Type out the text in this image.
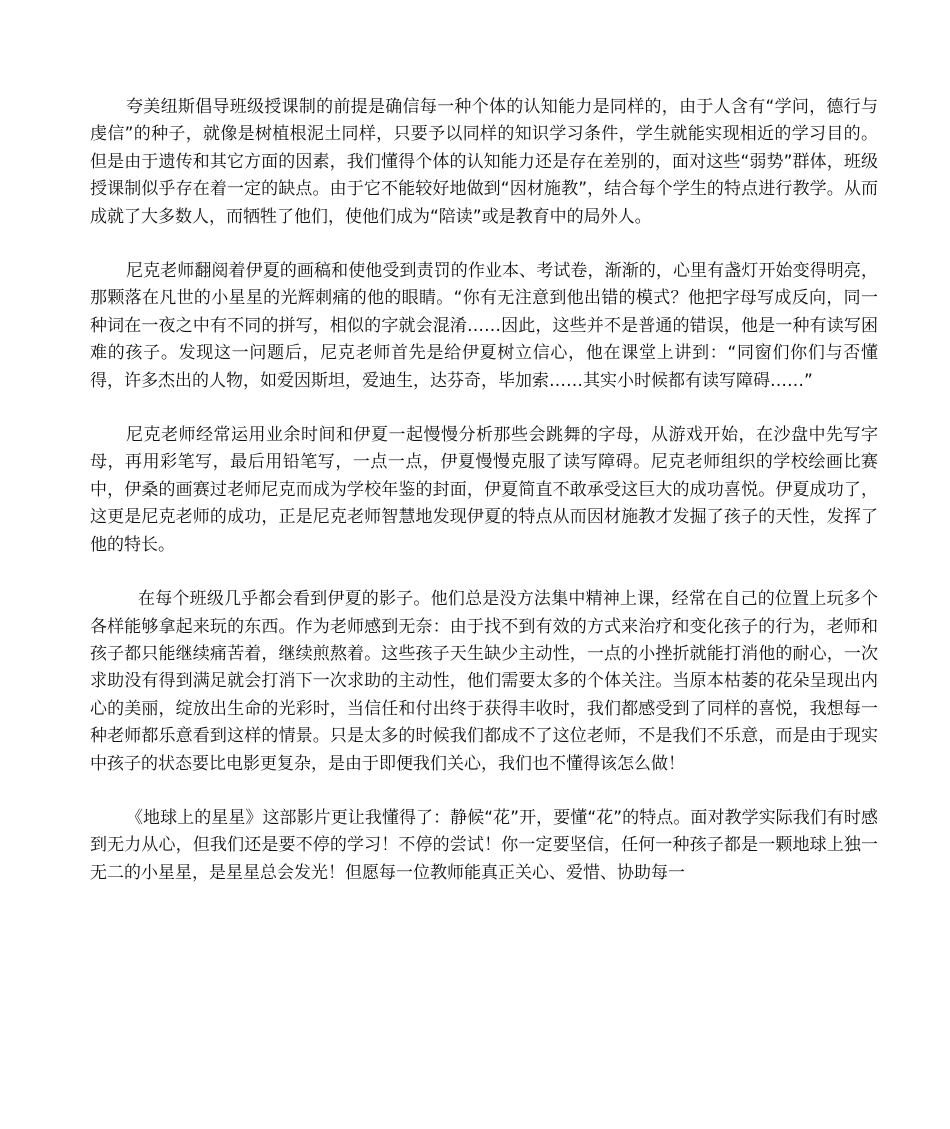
夸美纽斯倡导班级授课制的前提是确信每一种个体的认知能力是同样的，由于人含有“学问，德行与虔信”的种子，就像是树植根泥土同样，只要予以同样的知识学习条件，学生就能实现相近的学习目的。但是由于遗传和其它方面的因素，我们懂得个体的认知能力还是存在差别的，面对这些“弱势”群体，班级授课制似乎存在着一定的缺点。由于它不能较好地做到“因材施教”，结合每个学生的特点进行教学。从而成就了大多数人，而牺牲了他们，使他们成为“陪读”或是教育中的局外人。

尼克老师翻阅着伊夏的画稿和使他受到责罚的作业本、考试卷，渐渐的，心里有盏灯开始变得明亮，那颗落在凡世的小星星的光辉刺痛的他的眼睛。“你有无注意到他出错的模式？他把字母写成反向，同一种词在一夜之中有不同的拼写，相似的字就会混淆……因此，这些并不是普通的错误，他是一种有读写困难的孩子。发现这一问题后，尼克老师首先是给伊夏树立信心，他在课堂上讲到：“同窗们你们与否懂得，许多杰出的人物，如爱因斯坦，爱迪生，达芬奇，毕加索……其实小时候都有读写障碍……”

尼克老师经常运用业余时间和伊夏一起慢慢分析那些会跳舞的字母，从游戏开始，在沙盘中先写字母，再用彩笔写，最后用铅笔写，一点一点，伊夏慢慢克服了读写障碍。尼克老师组织的学校绘画比赛中，伊桑的画赛过老师尼克而成为学校年鉴的封面，伊夏简直不敢承受这巨大的成功喜悦。伊夏成功了，这更是尼克老师的成功，正是尼克老师智慧地发现伊夏的特点从而因材施教才发掘了孩子的天性，发挥了他的特长。

在每个班级几乎都会看到伊夏的影子。他们总是没方法集中精神上课，经常在自己的位置上玩多个各样能够拿起来玩的东西。作为老师感到无奈：由于找不到有效的方式来治疗和变化孩子的行为，老师和孩子都只能继续痛苦着，继续煎熬着。这些孩子天生缺少主动性，一点的小挫折就能打消他的耐心，一次求助没有得到满足就会打消下一次求助的主动性，他们需要太多的个体关注。当原本枯萎的花朵呈现出内心的美丽，绽放出生命的光彩时，当信任和付出终于获得丰收时，我们都感受到了同样的喜悦，我想每一种老师都乐意看到这样的情景。只是太多的时候我们都成不了这位老师，不是我们不乐意，而是由于现实中孩子的状态要比电影更复杂，是由于即便我们关心，我们也不懂得该怎么做！

《地球上的星星》这部影片更让我懂得了：静候“花”开，要懂“花”的特点。面对教学实际我们有时感到无力从心，但我们还是要不停的学习！不停的尝试！你一定要坚信，任何一种孩子都是一颗地球上独一无二的小星星，是星星总会发光！但愿每一位教师能真正关心、爱惜、协助每一
